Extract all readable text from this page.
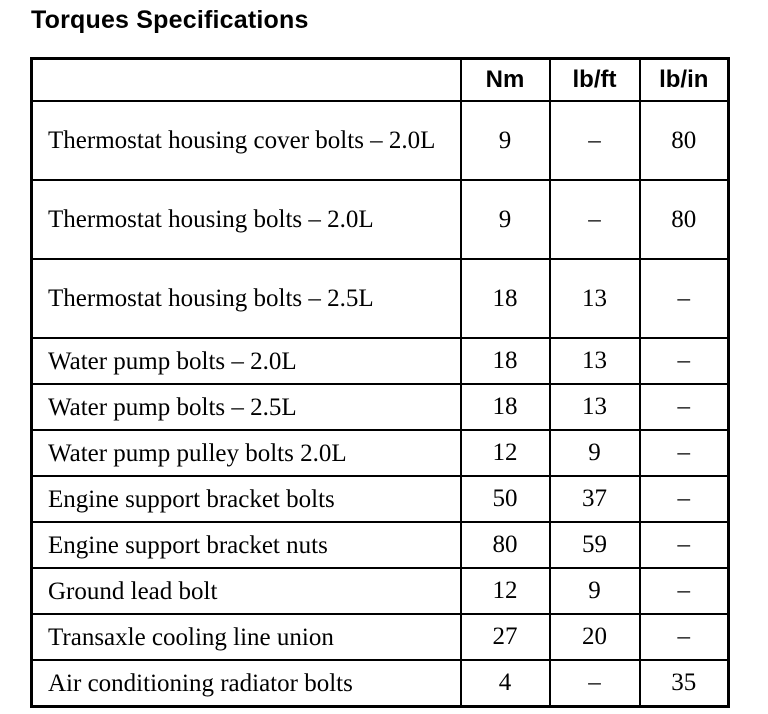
Torques Specifications
	Nm	lb/ft	lb/in
Thermostat housing cover bolts – 2.0L	9	–	80
Thermostat housing bolts – 2.0L	9	–	80
Thermostat housing bolts – 2.5L	18	13	–
Water pump bolts – 2.0L	18	13	–
Water pump bolts – 2.5L	18	13	–
Water pump pulley bolts 2.0L	12	9	–
Engine support bracket bolts	50	37	–
Engine support bracket nuts	80	59	–
Ground lead bolt	12	9	–
Transaxle cooling line union	27	20	–
Air conditioning radiator bolts	4	–	35
